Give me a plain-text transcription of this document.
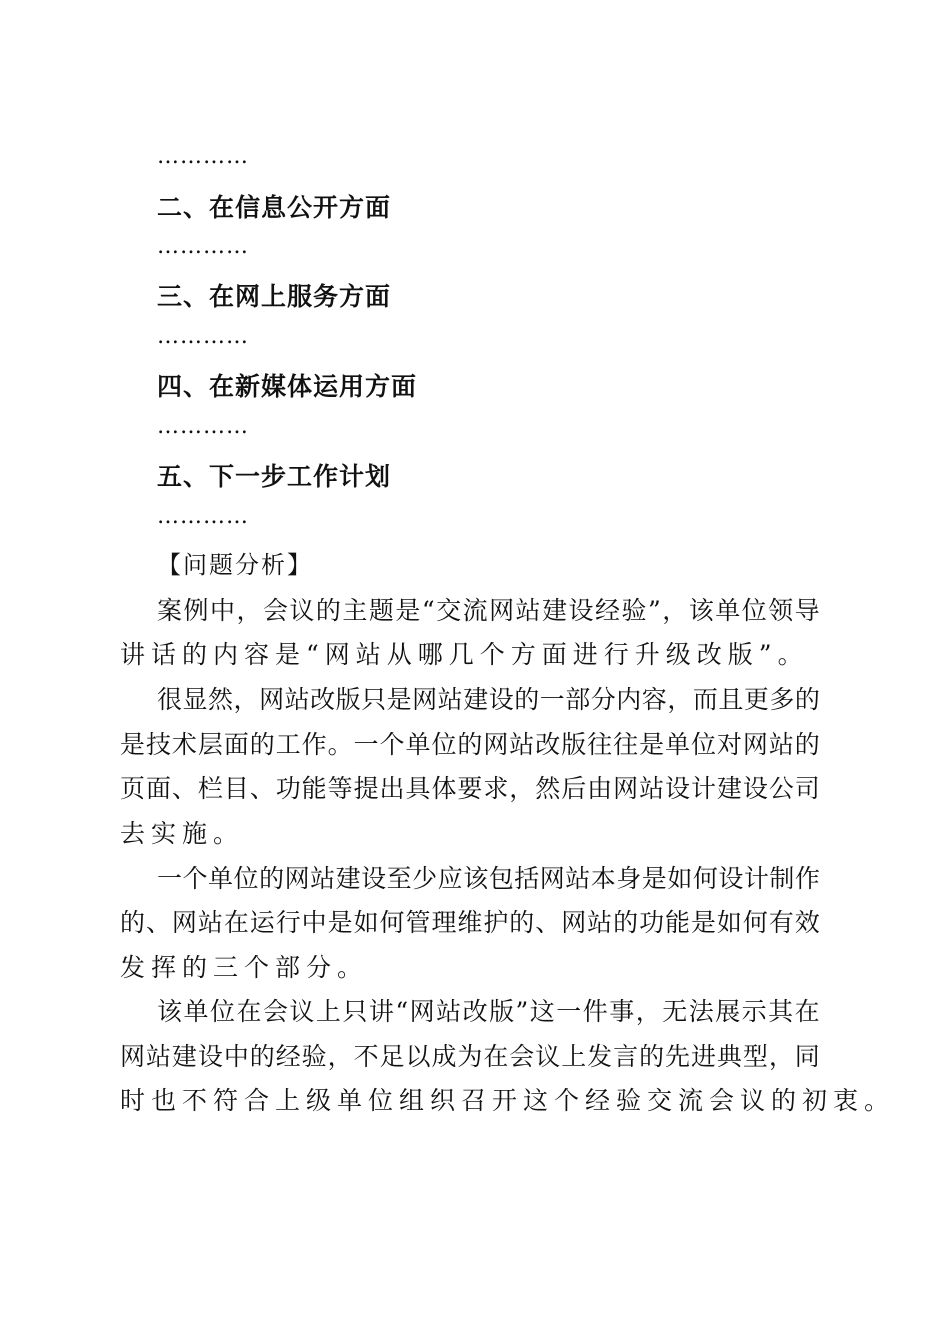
…………
二、在信息公开方面
…………
三、在网上服务方面
…………
四、在新媒体运用方面
…………
五、下一步工作计划
…………
【问题分析】
案 例 中 ， 会 议 的 主 题 是 “ 交 流 网 站 建 设 经 验 ” ， 该 单 位 领 导
讲话的内容是“网站从哪几个方面进行升级改版”。
很 显 然 ， 网 站 改 版 只 是 网 站 建 设 的 一 部 分 内 容 ， 而 且 更 多 的
是 技 术 层 面 的 工 作 。 一 个 单 位 的 网 站 改 版 往 往 是 单 位 对 网 站 的
页 面 、 栏 目 、 功 能 等 提 出 具 体 要 求 ， 然 后 由 网 站 设 计 建 设 公 司
去实施。
一 个 单 位 的 网 站 建 设 至 少 应 该 包 括 网 站 本 身 是 如 何 设 计 制 作
的 、 网 站 在 运 行 中 是 如 何 管 理 维 护 的 、 网 站 的 功 能 是 如 何 有 效
发挥的三个部分。
该 单 位 在 会 议 上 只 讲 “ 网 站 改 版 ” 这 一 件 事 ， 无 法 展 示 其 在
网 站 建 设 中 的 经 验 ， 不 足 以 成 为 在 会 议 上 发 言 的 先 进 典 型 ， 同
时也不符合上级单位组织召开这个经验交流会议的初衷。
